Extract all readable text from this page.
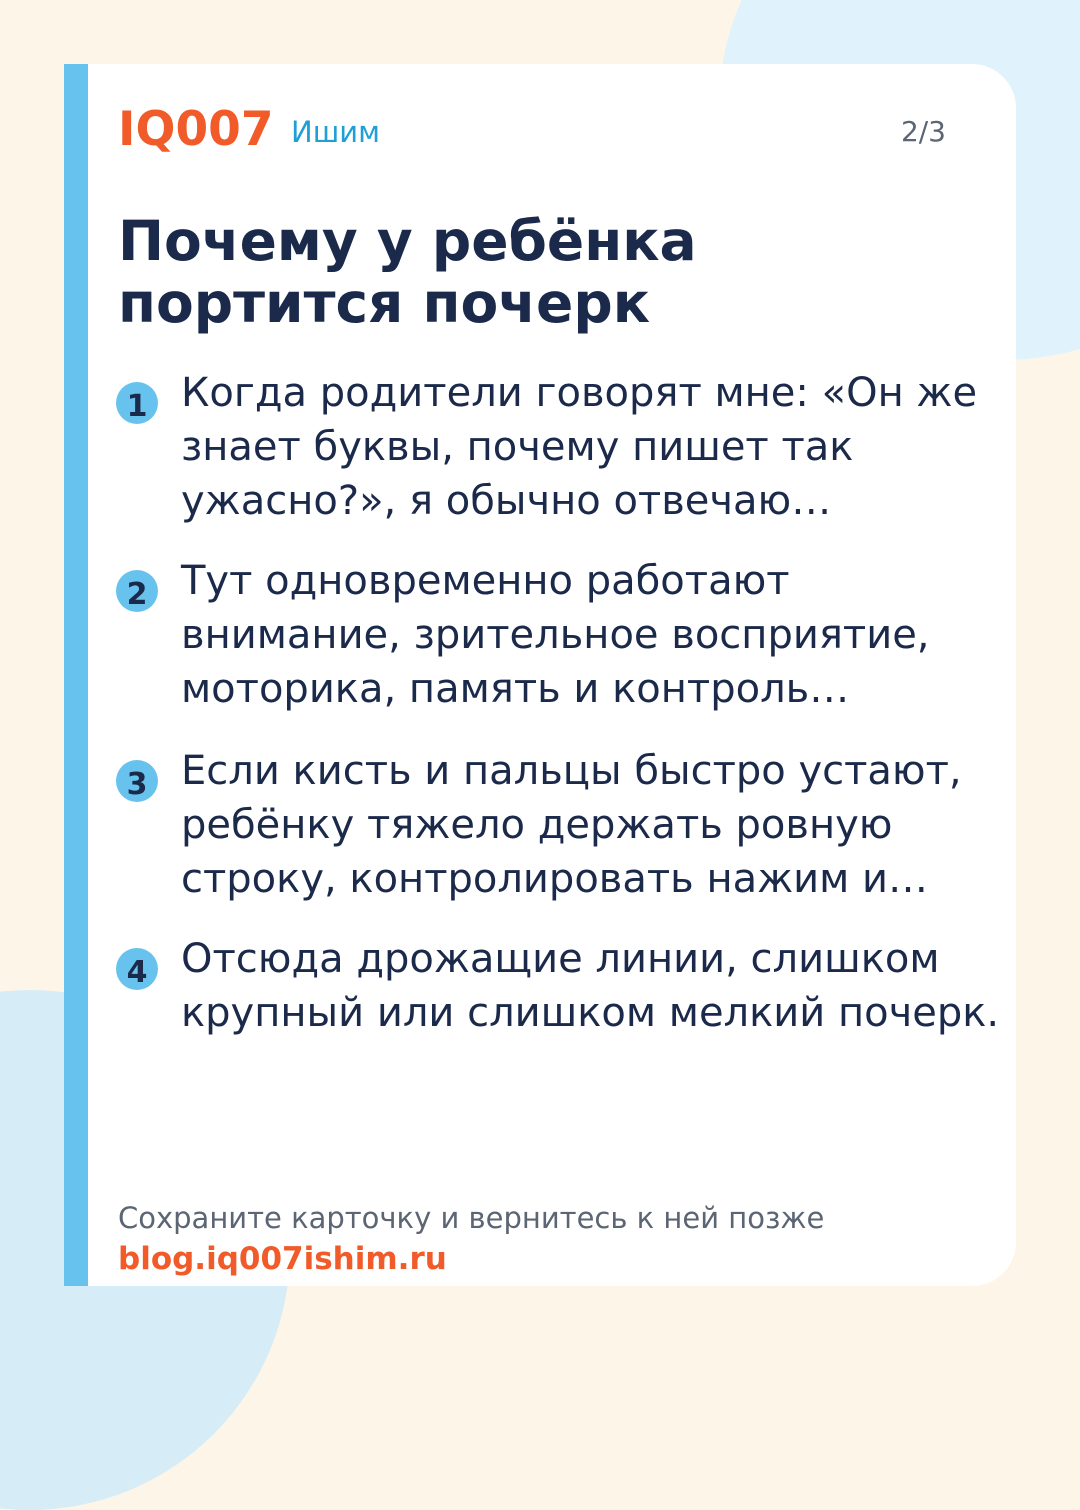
IQ007 Ишим	2/3
Почему у ребёнка портится почерк
1 Когда родители говорят мне: «Он же знает буквы, почему пишет так ужасно?», я обычно отвечаю…
2 Тут одновременно работают внимание, зрительное восприятие, моторика, память и контроль…
3 Если кисть и пальцы быстро устают, ребёнку тяжело держать ровную строку, контролировать нажим и…
4 Отсюда дрожащие линии, слишком крупный или слишком мелкий почерк.
Сохраните карточку и вернитесь к ней позже
blog.iq007ishim.ru
